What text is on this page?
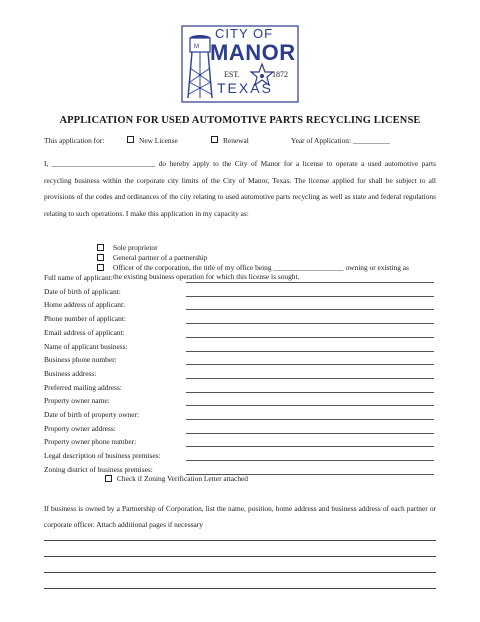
M
CITY OF
MANOR
EST.	1872
TEXAS
APPLICATION FOR USED AUTOMOTIVE PARTS RECYCLING LICENSE
This application for:	New License	Renewal	Year of Application: __________
I, ____________________________ do hereby apply to the City of Manor for a license to operate a used automotive parts recycling business within the corporate city limits of the City of Manor, Texas. The license applied for shall be subject to all provisions of the codes and ordinances of the city relating to used automotive parts recycling as well as state and federal regulations relating to such operations. I make this application in my capacity as:
Sole proprietor
General partner of a partnership
Officer of the corporation, the title of my office being ___________________ owning or existing as
the existing business operation for which this license is sought.
Full name of applicant:
Date of birth of applicant:
Home address of applicant:
Phone number of applicant:
Email address of applicant:
Name of applicant business:
Business phone number:
Business address:
Preferred mailing address:
Property owner name:
Date of birth of property owner:
Property owner address:
Property owner phone number:
Legal description of business premises:
Zoning district of business premises:
Check if Zoning Verification Letter attached
If business is owned by a Partnership of Corporation, list the name, position, home address and business address of each partner or corporate officer. Attach additional pages if necessary
